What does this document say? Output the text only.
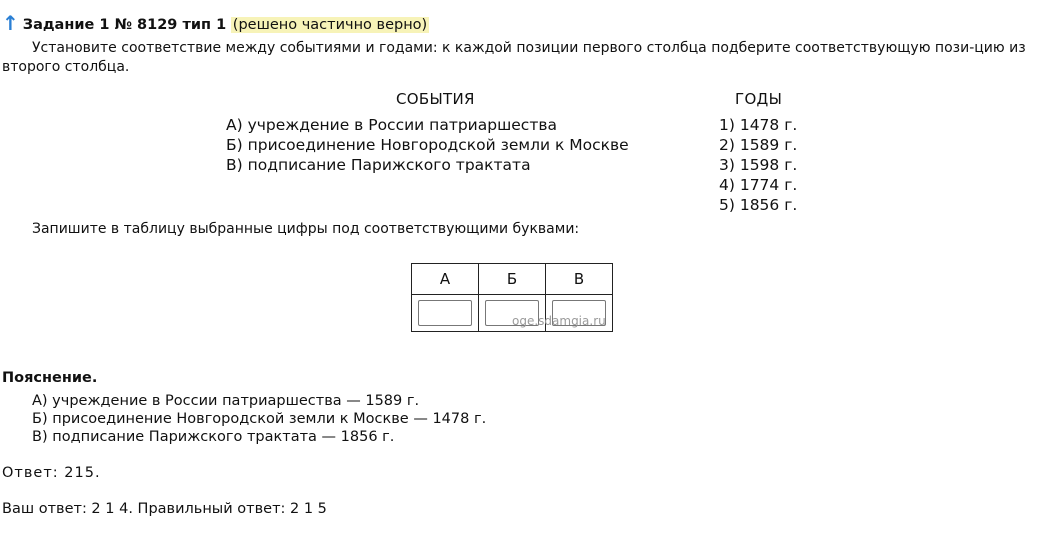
↑ Задание 1 № 8129 тип 1 (решено частично верно)
Установите соответствие между событиями и годами: к каждой позиции первого столбца подберите соответствующую пози-цию из второго столбца.
СОБЫТИЯ	ГОДЫ
А) учреждение в России патриаршества
Б) присоединение Новгородской земли к Москве
В) подписание Парижского трактата
1) 1478 г.
2) 1589 г.
3) 1598 г.
4) 1774 г.
5) 1856 г.
Запишите в таблицу выбранные цифры под соответствующими буквами:
А	Б	В

oge.sdamgia.ru
Пояснение.
А) учреждение в России патриаршества — 1589 г.
Б) присоединение Новгородской земли к Москве — 1478 г.
В) подписание Парижского трактата — 1856 г.
Ответ: 215.
Ваш ответ: 2 1 4. Правильный ответ: 2 1 5
